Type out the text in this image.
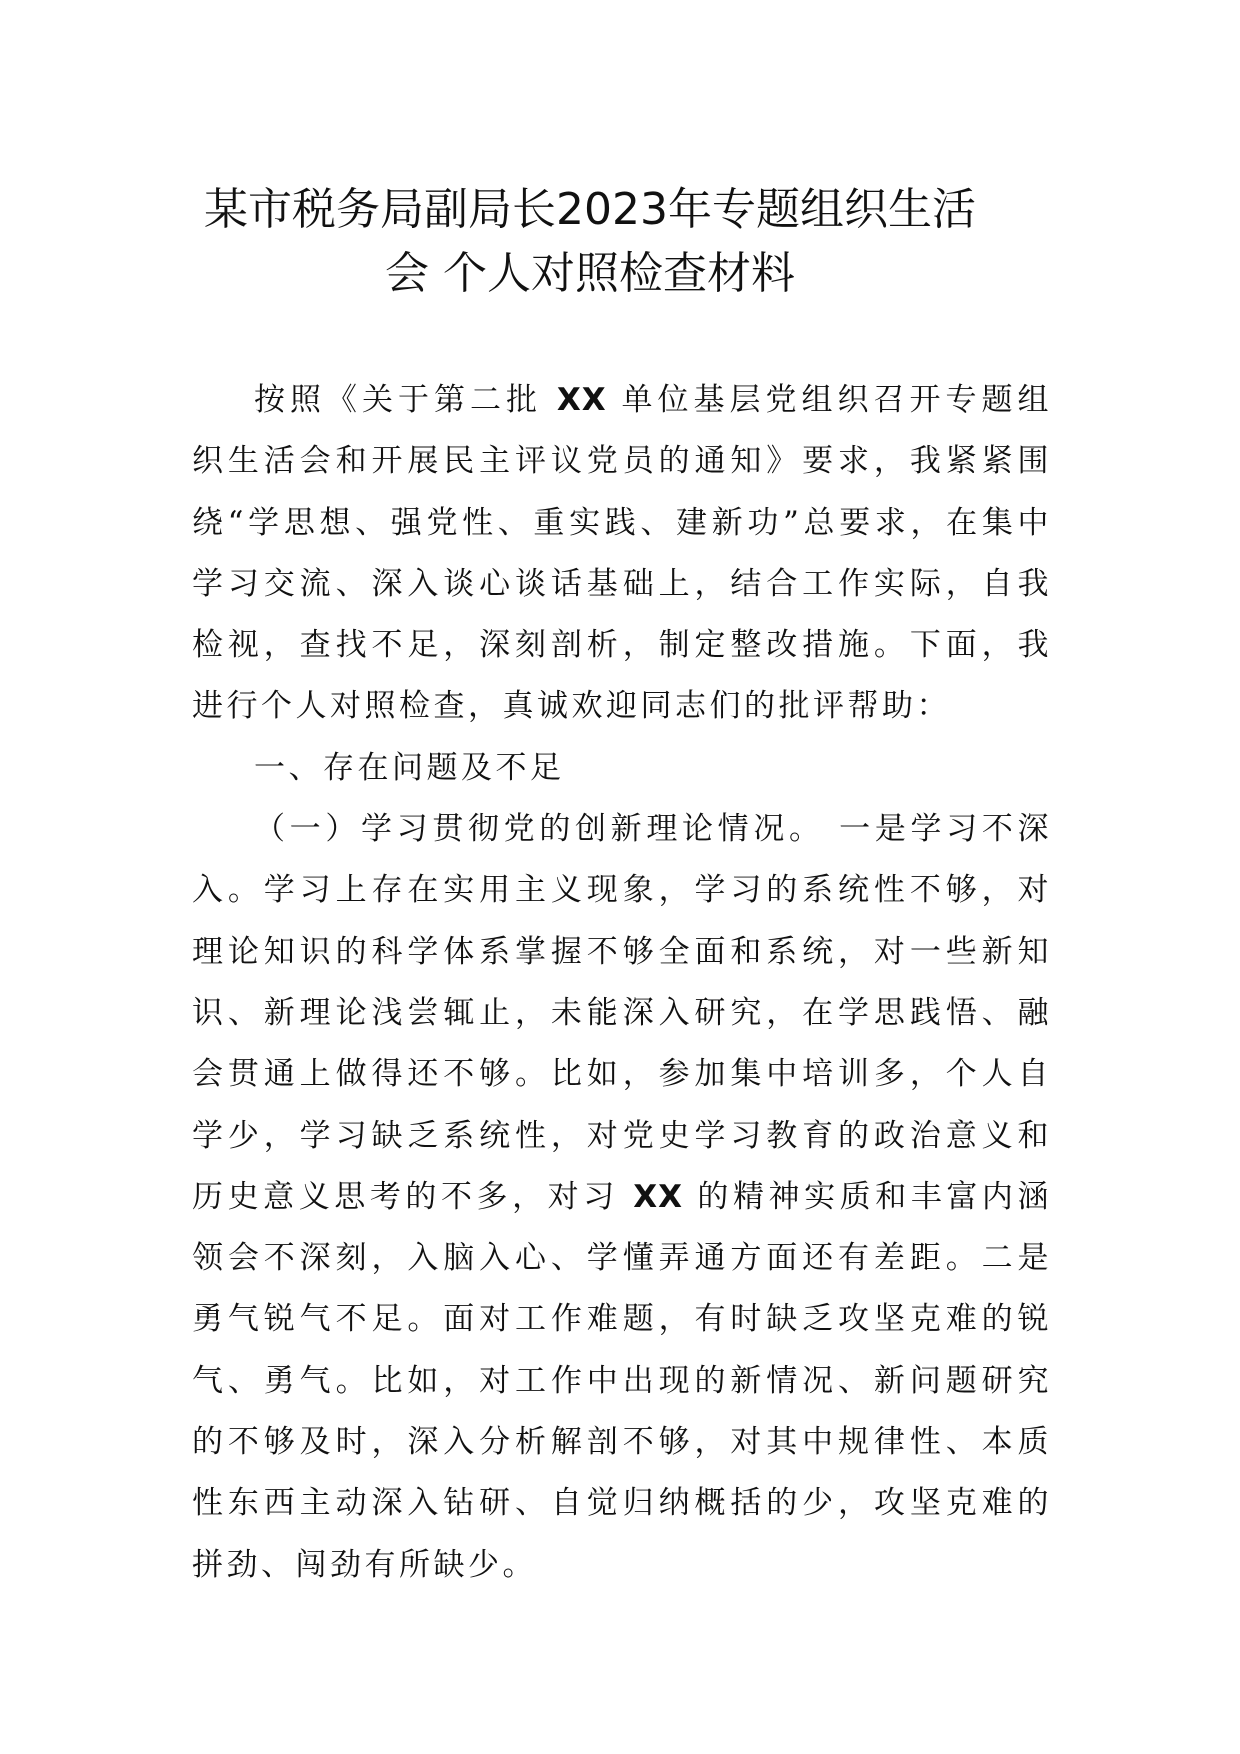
某市税务局副局长2023年专题组织生活
会 个人对照检查材料

按照《关于第二批 XX 单位基层党组织召开专题组织生活会和开展民主评议党员的通知》要求，我紧紧围绕“学思想、强党性、重实践、建新功”总要求，在集中学习交流、深入谈心谈话基础上，结合工作实际，自我检视，查找不足，深刻剖析，制定整改措施。下面，我进行个人对照检查，真诚欢迎同志们的批评帮助：

一、存在问题及不足

（一）学习贯彻党的创新理论情况。 一是学习不深入。学习上存在实用主义现象，学习的系统性不够，对理论知识的科学体系掌握不够全面和系统，对一些新知识、新理论浅尝辄止，未能深入研究，在学思践悟、融会贯通上做得还不够。比如，参加集中培训多，个人自学少，学习缺乏系统性，对党史学习教育的政治意义和历史意义思考的不多，对习 XX 的精神实质和丰富内涵领会不深刻，入脑入心、学懂弄通方面还有差距。二是勇气锐气不足。面对工作难题，有时缺乏攻坚克难的锐气、勇气。比如，对工作中出现的新情况、新问题研究的不够及时，深入分析解剖不够，对其中规律性、本质性东西主动深入钻研、自觉归纳概括的少，攻坚克难的拼劲、闯劲有所缺少。
